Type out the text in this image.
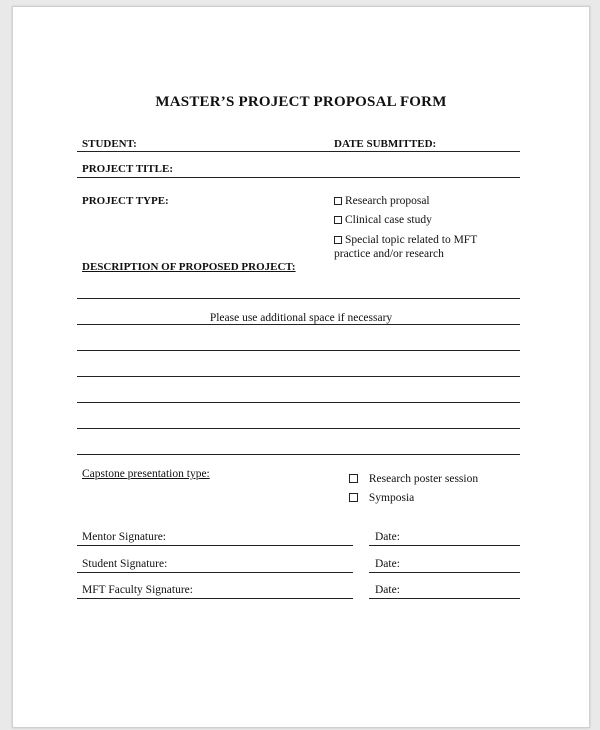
MASTER’S PROJECT PROPOSAL FORM
STUDENT:	DATE SUBMITTED:
PROJECT TITLE:
PROJECT TYPE:	Research proposal
Clinical case study
Special topic related to MFT
practice and/or research
DESCRIPTION OF PROPOSED PROJECT:
Please use additional space if necessary
Capstone presentation type:	Research poster session
Symposia
Mentor Signature:	Date:
Student Signature:	Date:
MFT Faculty Signature:	Date:
